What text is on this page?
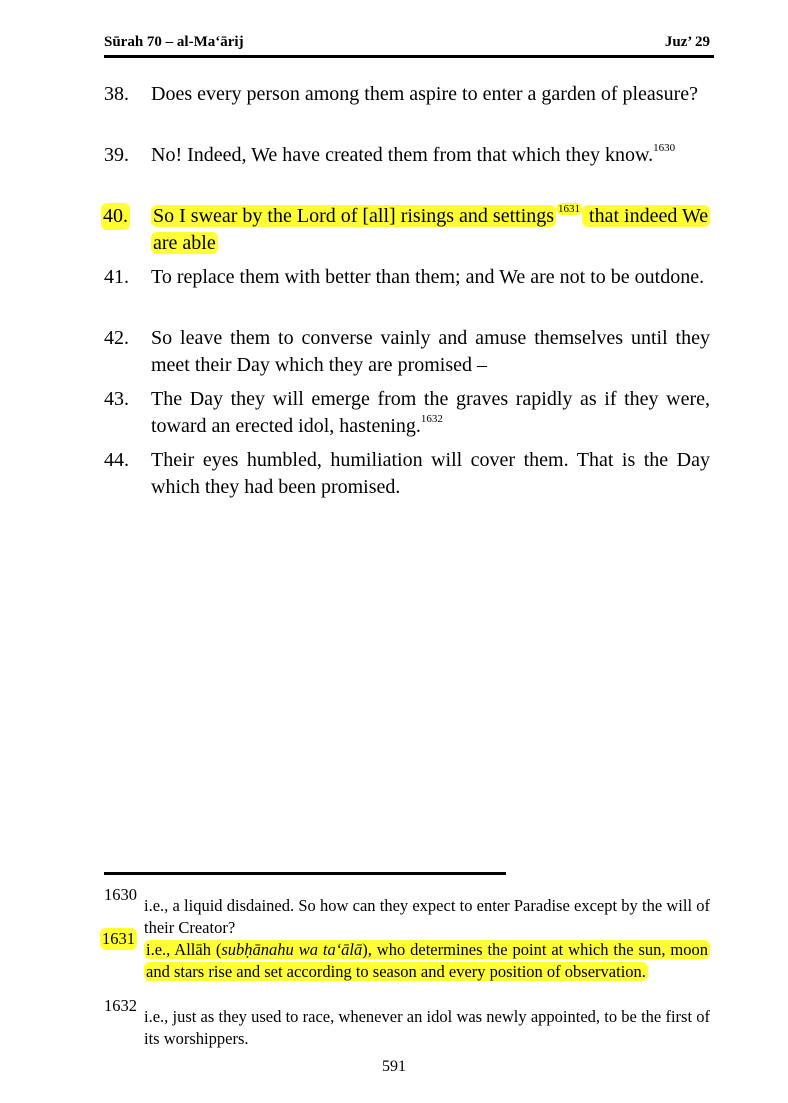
Sūrah 70 – al-Ma‘ārij	Juz’ 29
38. Does every person among them aspire to enter a garden of pleasure?
39. No! Indeed, We have created them from that which they know.$^{1630}$
40. So I swear by the Lord of [all] risings and settings $^{1631}$ that indeed We are able
41. To replace them with better than them; and We are not to be outdone.
42. So leave them to converse vainly and amuse themselves until they meet their Day which they are promised –
43. The Day they will emerge from the graves rapidly as if they were, toward an erected idol, hastening.$^{1632}$
44. Their eyes humbled, humiliation will cover them. That is the Day which they had been promised.
1630
i.e., a liquid disdained. So how can they expect to enter Paradise except by the will of their Creator?
1631
i.e., Allāh (subḥānahu wa ta‘ālā), who determines the point at which the sun, moon and stars rise and set according to season and every position of observation.
1632
i.e., just as they used to race, whenever an idol was newly appointed, to be the first of its worshippers.
591
